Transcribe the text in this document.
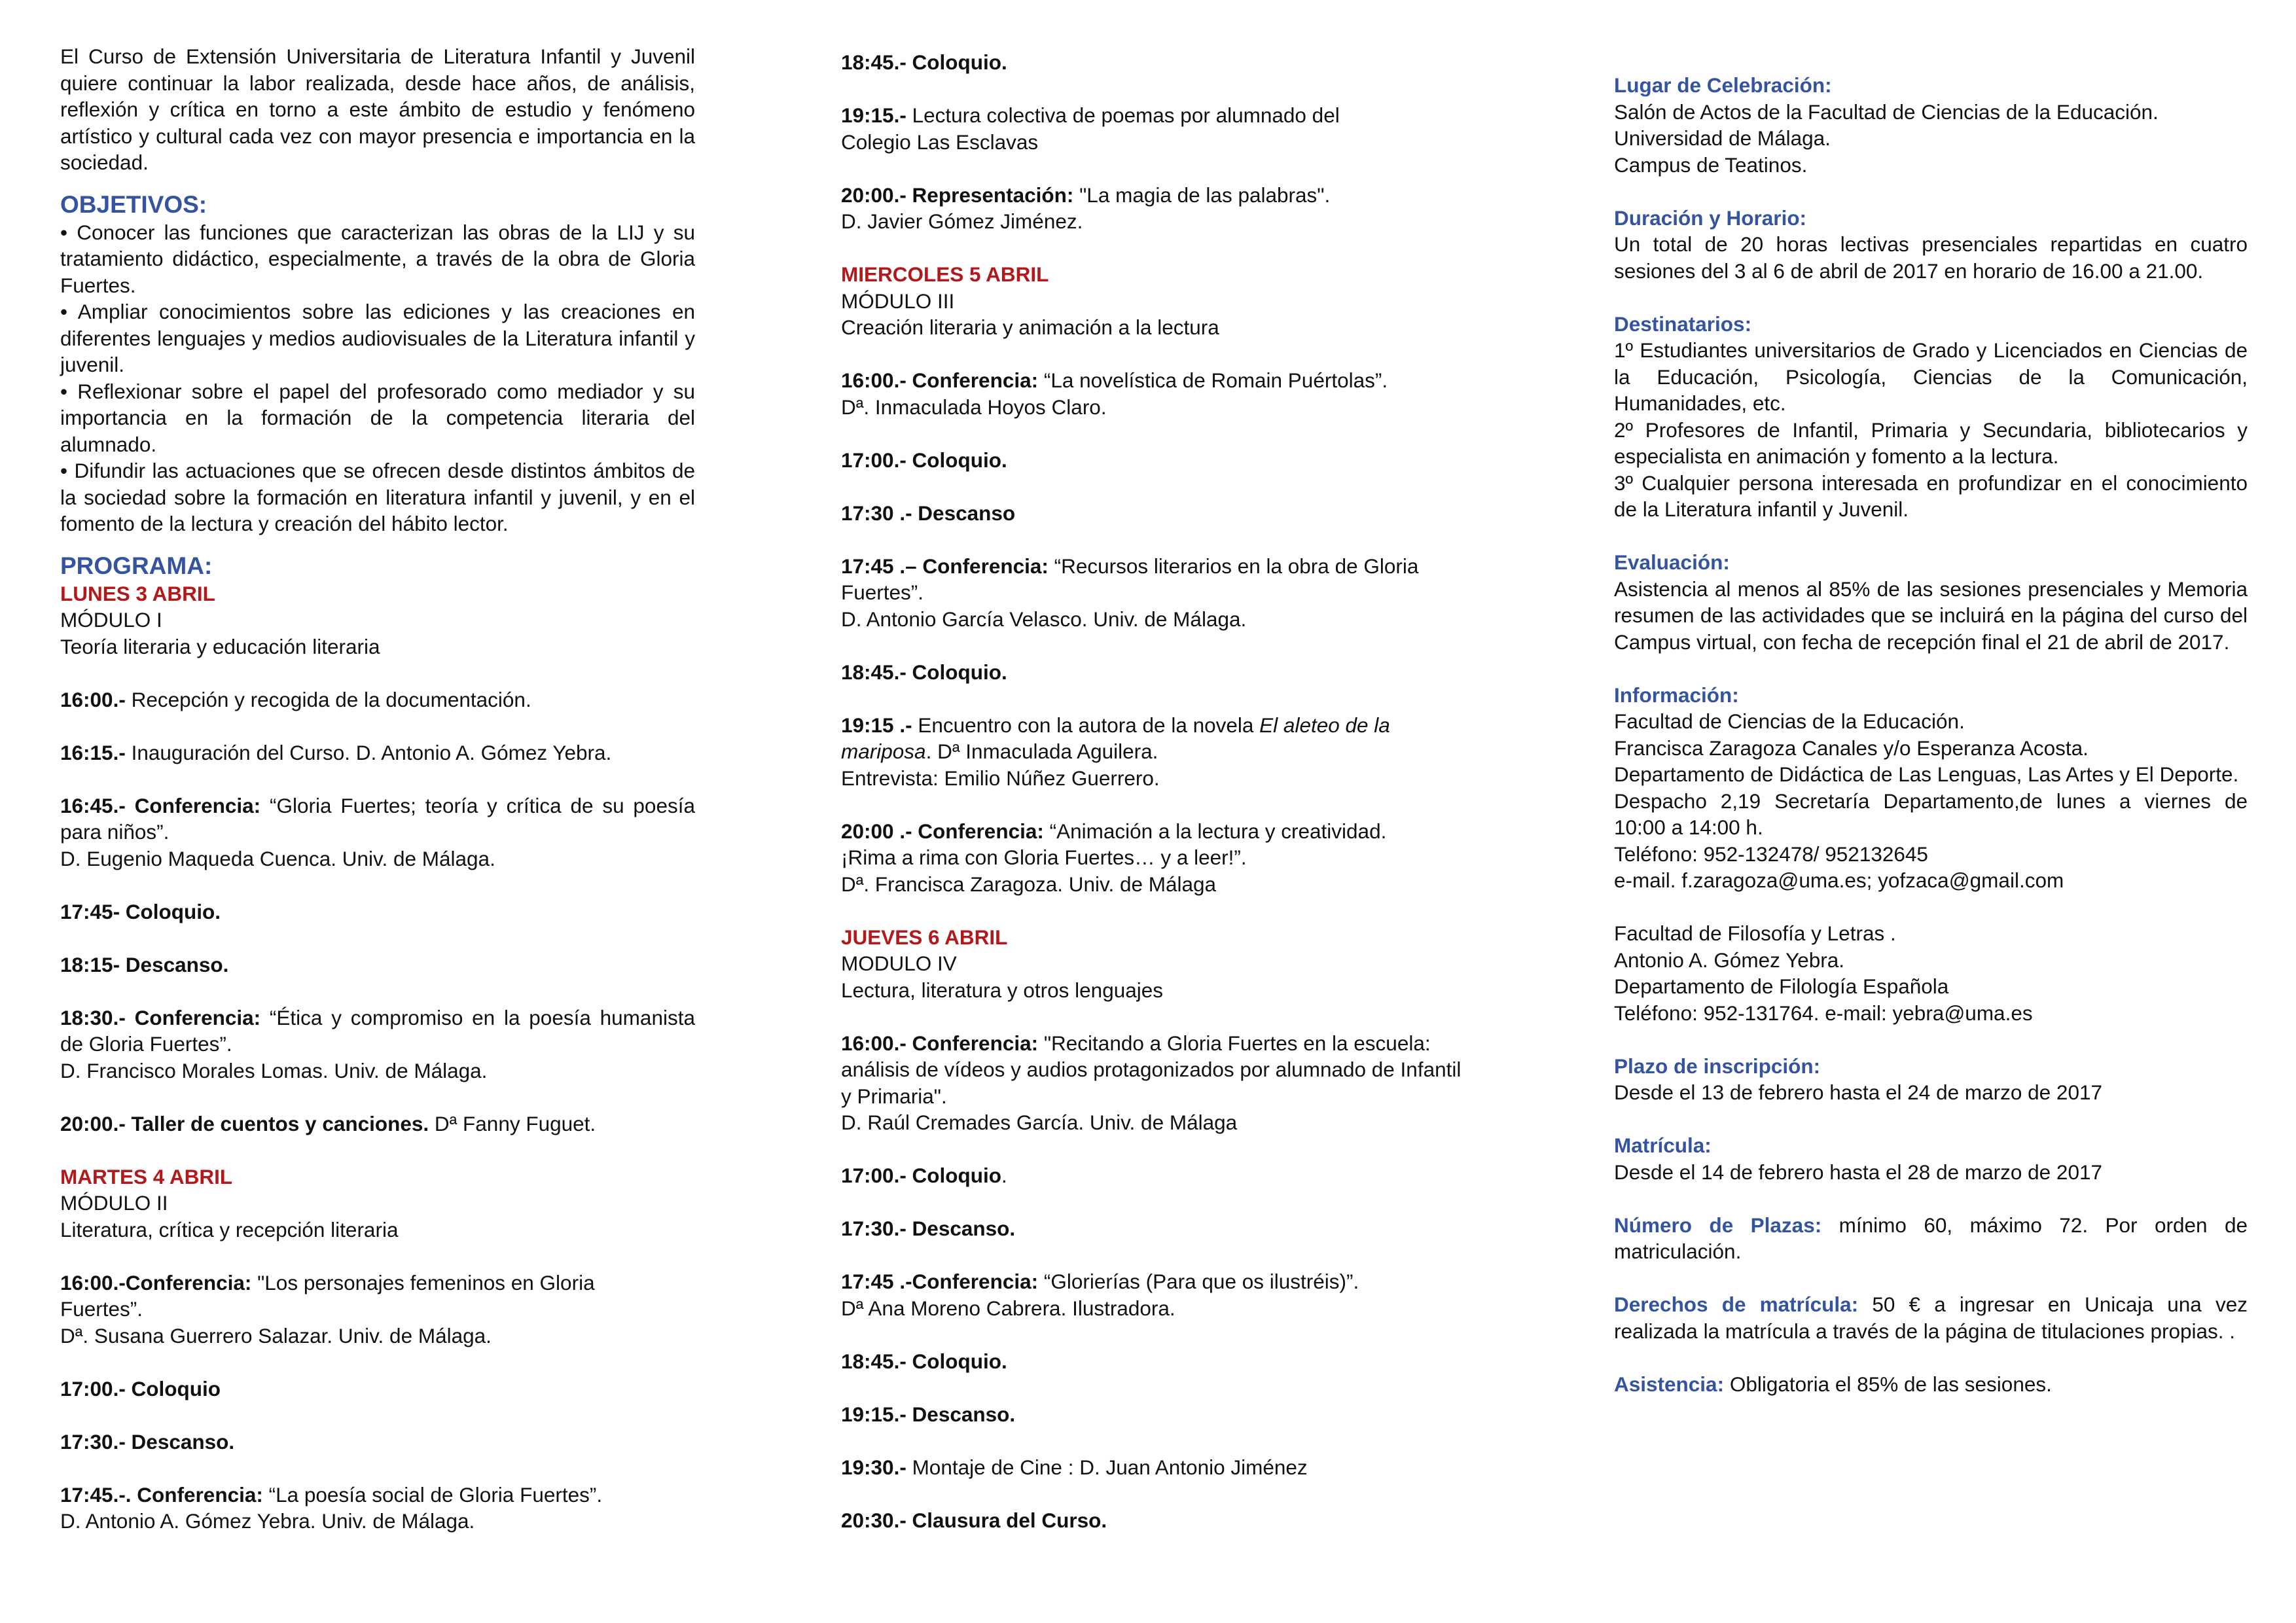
El Curso de Extensión Universitaria de Literatura Infantil y Juvenil quiere continuar la labor realizada, desde hace años, de análisis, reflexión y crítica en torno a este ámbito de estudio y fenómeno artístico y cultural cada vez con mayor presencia e importancia en la sociedad.

OBJETIVOS:

• Conocer las funciones que caracterizan las obras de la LIJ y su tratamiento didáctico, especialmente, a través de la obra de Gloria Fuertes.

• Ampliar conocimientos sobre las ediciones y las creaciones en diferentes lenguajes y medios audiovisuales de la Literatura infantil y juvenil.

• Reflexionar sobre el papel del profesorado como mediador y su importancia en la formación de la competencia literaria del alumnado.

• Difundir las actuaciones que se ofrecen desde distintos ámbitos de la sociedad sobre la formación en literatura infantil y juvenil, y en el fomento de la lectura y creación del hábito lector.

PROGRAMA:

LUNES 3 ABRIL

MÓDULO I

Teoría literaria y educación literaria

16:00.- Recepción y recogida de la documentación.

16:15.- Inauguración del Curso. D. Antonio A. Gómez Yebra.

16:45.- Conferencia: “Gloria Fuertes; teoría y crítica de su poesía para niños”.

D. Eugenio Maqueda Cuenca. Univ. de Málaga.

17:45- Coloquio.

18:15- Descanso.

18:30.- Conferencia: “Ética y compromiso en la poesía humanista de Gloria Fuertes”.

D. Francisco Morales Lomas. Univ. de Málaga.

20:00.- Taller de cuentos y canciones. Dª Fanny Fuguet.

MARTES 4 ABRIL

MÓDULO II

Literatura, crítica y recepción literaria

16:00.-Conferencia: "Los personajes femeninos en Gloria Fuertes”.

Dª. Susana Guerrero Salazar. Univ. de Málaga.

17:00.- Coloquio

17:30.- Descanso.

17:45.-. Conferencia: “La poesía social de Gloria Fuertes”.

D. Antonio A. Gómez Yebra. Univ. de Málaga.

18:45.- Coloquio.

19:15.- Lectura colectiva de poemas por alumnado del Colegio Las Esclavas

20:00.- Representación: "La magia de las palabras".

D. Javier Gómez Jiménez.

MIERCOLES 5 ABRIL

MÓDULO III

Creación literaria y animación a la lectura

16:00.- Conferencia: “La novelística de Romain Puértolas”.

Dª. Inmaculada Hoyos Claro.

17:00.- Coloquio.

17:30 .- Descanso

17:45 .– Conferencia: “Recursos literarios en la obra de Gloria Fuertes”.

D. Antonio García Velasco. Univ. de Málaga.

18:45.- Coloquio.

19:15 .- Encuentro con la autora de la novela El aleteo de la mariposa. Dª Inmaculada Aguilera.

Entrevista: Emilio Núñez Guerrero.

20:00 .- Conferencia: “Animación a la lectura y creatividad. ¡Rima a rima con Gloria Fuertes… y a leer!”.

Dª. Francisca Zaragoza. Univ. de Málaga

JUEVES 6 ABRIL

MODULO IV

Lectura, literatura y otros lenguajes

16:00.- Conferencia: "Recitando a Gloria Fuertes en la escuela: análisis de vídeos y audios protagonizados por alumnado de Infantil y Primaria".

D. Raúl Cremades García. Univ. de Málaga

17:00.- Coloquio.

17:30.- Descanso.

17:45 .-Conferencia: “Glorierías (Para que os ilustréis)”.

Dª Ana Moreno Cabrera. Ilustradora.

18:45.- Coloquio.

19:15.- Descanso.

19:30.- Montaje de Cine : D. Juan Antonio Jiménez

20:30.- Clausura del Curso.

Lugar de Celebración:

Salón de Actos de la Facultad de Ciencias de la Educación.

Universidad de Málaga.

Campus de Teatinos.

Duración y Horario:

Un total de 20 horas lectivas presenciales repartidas en cuatro sesiones del 3 al 6 de abril de 2017 en horario de 16.00 a 21.00.

Destinatarios:

1º Estudiantes universitarios de Grado y Licenciados en Ciencias de la Educación, Psicología, Ciencias de la Comunicación, Humanidades, etc.

2º Profesores de Infantil, Primaria y Secundaria, bibliotecarios y especialista en animación y fomento a la lectura.

3º Cualquier persona interesada en profundizar en el conocimiento de la Literatura infantil y Juvenil.

Evaluación:

Asistencia al menos al 85% de las sesiones presenciales y Memoria resumen de las actividades que se incluirá en la página del curso del Campus virtual, con fecha de recepción final el 21 de abril de 2017.

Información:

Facultad de Ciencias de la Educación.

Francisca Zaragoza Canales y/o Esperanza Acosta.

Departamento de Didáctica de Las Lenguas, Las Artes y El Deporte.

Despacho 2,19 Secretaría Departamento,de lunes a viernes de 10:00 a 14:00 h.

Teléfono: 952-132478/ 952132645

e-mail. f.zaragoza@uma.es; yofzaca@gmail.com

Facultad de Filosofía y Letras .

Antonio A. Gómez Yebra.

Departamento de Filología Española

Teléfono: 952-131764. e-mail: yebra@uma.es

Plazo de inscripción:

Desde el 13 de febrero hasta el 24 de marzo de 2017

Matrícula:

Desde el 14 de febrero hasta el 28 de marzo de 2017

Número de Plazas: mínimo 60, máximo 72. Por orden de matriculación.

Derechos de matrícula: 50 € a ingresar en Unicaja una vez realizada la matrícula a través de la página de titulaciones propias. .

Asistencia: Obligatoria el 85% de las sesiones.
